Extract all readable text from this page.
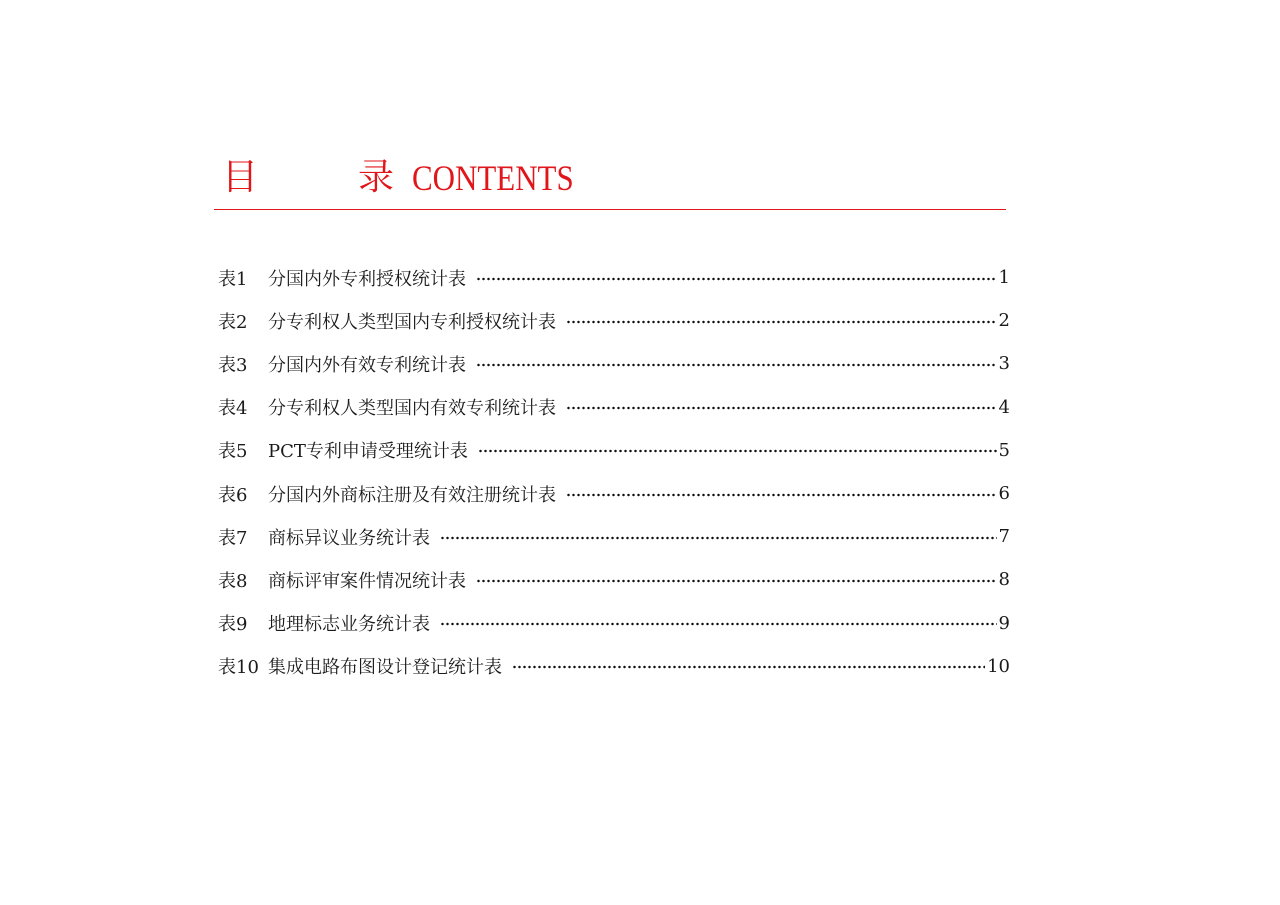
目	录 CONTENTS
表1	分国内外专利授权统计表	1
表2	分专利权人类型国内专利授权统计表	2
表3	分国内外有效专利统计表	3
表4	分专利权人类型国内有效专利统计表	4
表5	PCT专利申请受理统计表	5
表6	分国内外商标注册及有效注册统计表	6
表7	商标异议业务统计表	7
表8	商标评审案件情况统计表	8
表9	地理标志业务统计表	9
表10 集成电路布图设计登记统计表	10
